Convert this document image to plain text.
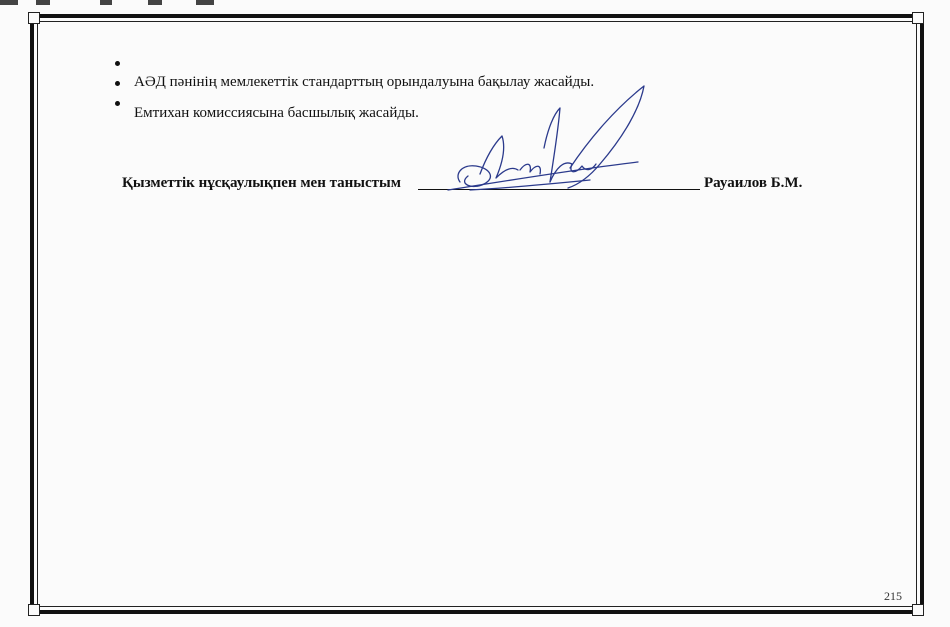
АӘД пәнінің мемлекеттік стандарттың орындалуына бақылау жасайды.
Емтихан комиссиясына басшылық жасайды.
Қызметтік нұсқаулықпен мен таныстым	Рауаилов Б.М.
215
